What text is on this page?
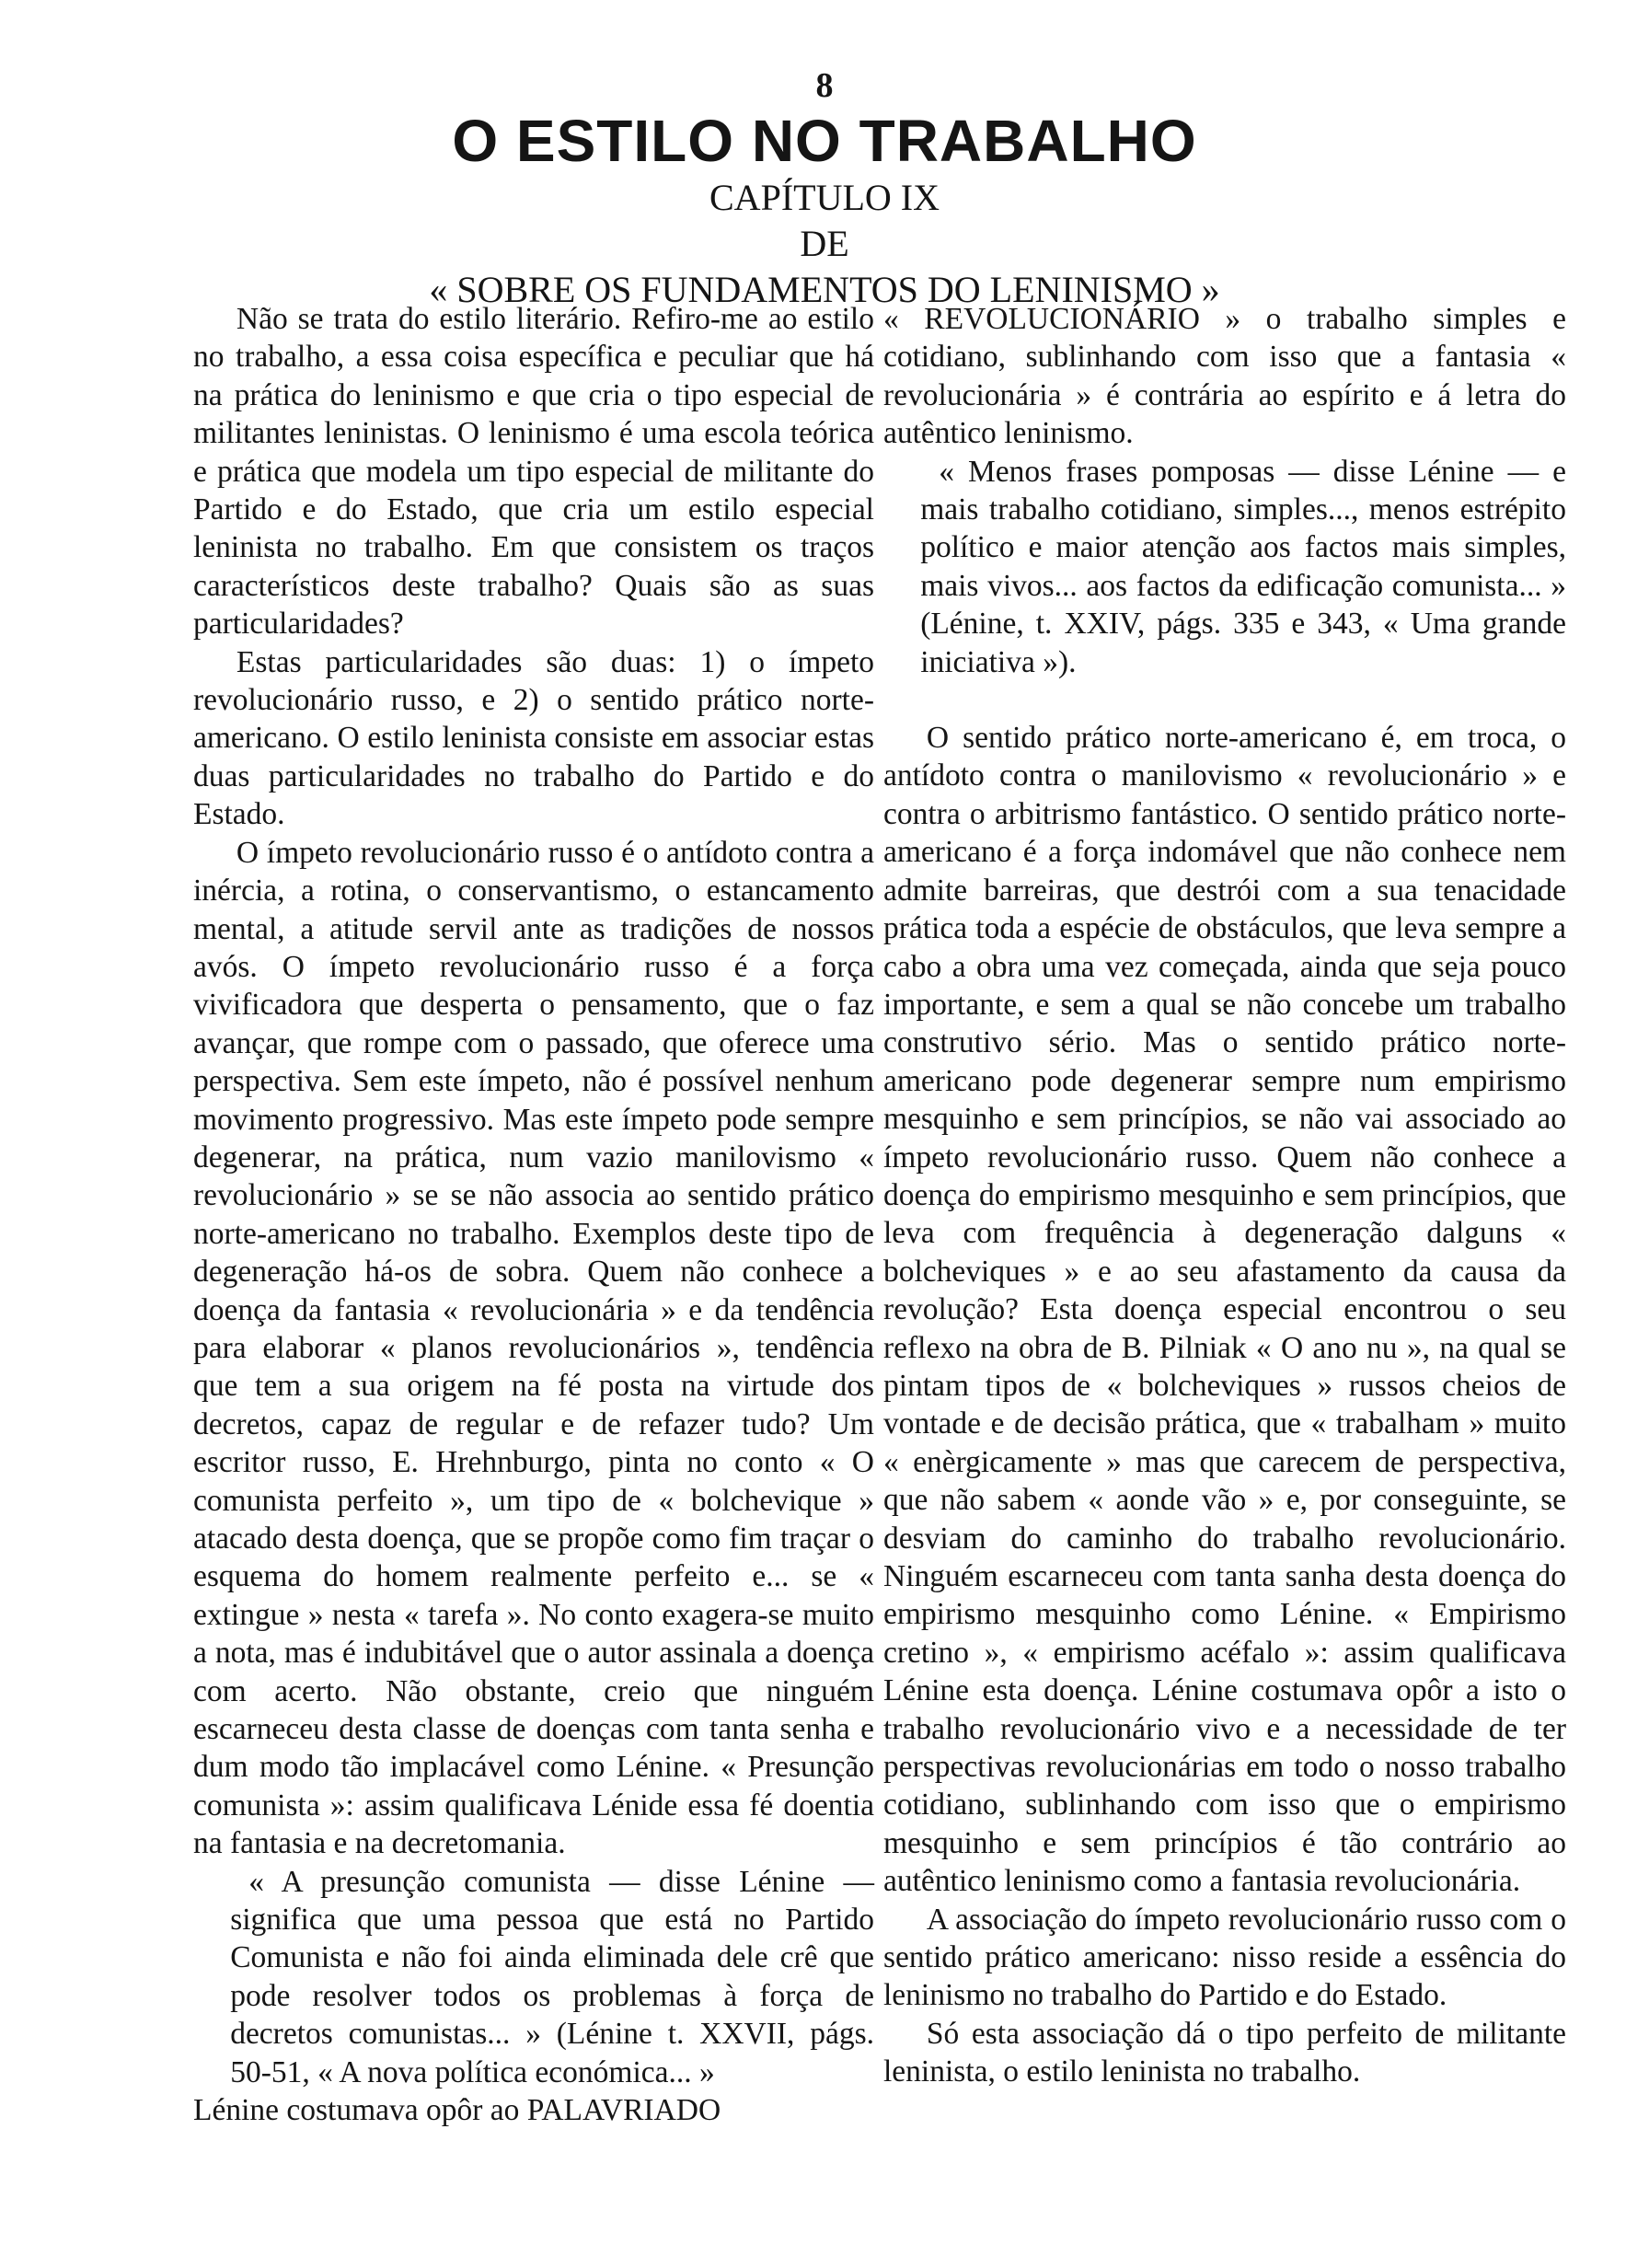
8
O ESTILO NO TRABALHO
CAPÍTULO IX
DE
« SOBRE OS FUNDAMENTOS DO LENINISMO »

Não se trata do estilo literário. Refiro-me ao estilo no trabalho, a essa coisa específica e peculiar que há na prática do leninismo e que cria o tipo especial de militantes leninistas. O leninismo é uma escola teórica e prática que modela um tipo especial de militante do Partido e do Estado, que cria um estilo especial leninista no trabalho. Em que consistem os traços característicos deste trabalho? Quais são as suas particularidades?

Estas particularidades são duas: 1) o ímpeto revolucionário russo, e 2) o sentido prático norte-americano. O estilo leninista consiste em associar estas duas particularidades no trabalho do Partido e do Estado.

O ímpeto revolucionário russo é o antídoto contra a inércia, a rotina, o conservantismo, o estancamento mental, a atitude servil ante as tradições de nossos avós. O ímpeto revolucionário russo é a força vivificadora que desperta o pensamento, que o faz avançar, que rompe com o passado, que oferece uma perspectiva. Sem este ímpeto, não é possível nenhum movimento progressivo. Mas este ímpeto pode sempre degenerar, na prática, num vazio manilovismo « revolucionário » se se não associa ao sentido prático norte-americano no trabalho. Exemplos deste tipo de degeneração há-os de sobra. Quem não conhece a doença da fantasia « revolucionária » e da tendência para elaborar « planos revolucionários », tendência que tem a sua origem na fé posta na virtude dos decretos, capaz de regular e de refazer tudo? Um escritor russo, E. Hrehnburgo, pinta no conto « O comunista perfeito », um tipo de « bolchevique » atacado desta doença, que se propõe como fim traçar o esquema do homem realmente perfeito e... se « extingue » nesta « tarefa ». No conto exagera-se muito a nota, mas é indubitável que o autor assinala a doença com acerto. Não obstante, creio que ninguém escarneceu desta classe de doenças com tanta senha e dum modo tão implacável como Lénine. « Presunção comunista »: assim qualificava Lénide essa fé doentia na fantasia e na decretomania.

« A presunção comunista — disse Lénine — significa que uma pessoa que está no Partido Comunista e não foi ainda eliminada dele crê que pode resolver todos os problemas à força de decretos comunistas... » (Lénine t. XXVII, págs. 50-51, « A nova política económica... »

Lénine costumava opôr ao PALAVRIADO

« REVOLUCIONÁRIO » o trabalho simples e cotidiano, sublinhando com isso que a fantasia « revolucionária » é contrária ao espírito e á letra do autêntico leninismo.

« Menos frases pomposas — disse Lénine — e mais trabalho cotidiano, simples..., menos estrépito político e maior atenção aos factos mais simples, mais vivos... aos factos da edificação comunista... » (Lénine, t. XXIV, págs. 335 e 343, « Uma grande iniciativa »).

O sentido prático norte-americano é, em troca, o antídoto contra o manilovismo « revolucionário » e contra o arbitrismo fantástico. O sentido prático norte-americano é a força indomável que não conhece nem admite barreiras, que destrói com a sua tenacidade prática toda a espécie de obstáculos, que leva sempre a cabo a obra uma vez começada, ainda que seja pouco importante, e sem a qual se não concebe um trabalho construtivo sério. Mas o sentido prático norte-americano pode degenerar sempre num empirismo mesquinho e sem princípios, se não vai associado ao ímpeto revolucionário russo. Quem não conhece a doença do empirismo mesquinho e sem princípios, que leva com frequência à degeneração dalguns « bolcheviques » e ao seu afastamento da causa da revolução? Esta doença especial encontrou o seu reflexo na obra de B. Pilniak « O ano nu », na qual se pintam tipos de « bolcheviques » russos cheios de vontade e de decisão prática, que « trabalham » muito « enèrgicamente » mas que carecem de perspectiva, que não sabem « aonde vão » e, por conseguinte, se desviam do caminho do trabalho revolucionário. Ninguém escarneceu com tanta sanha desta doença do empirismo mesquinho como Lénine. « Empirismo cretino », « empirismo acéfalo »: assim qualificava Lénine esta doença. Lénine costumava opôr a isto o trabalho revolucionário vivo e a necessidade de ter perspectivas revolucionárias em todo o nosso trabalho cotidiano, sublinhando com isso que o empirismo mesquinho e sem princípios é tão contrário ao autêntico leninismo como a fantasia revolucionária.

A associação do ímpeto revolucionário russo com o sentido prático americano: nisso reside a essência do leninismo no trabalho do Partido e do Estado.

Só esta associação dá o tipo perfeito de militante leninista, o estilo leninista no trabalho.
